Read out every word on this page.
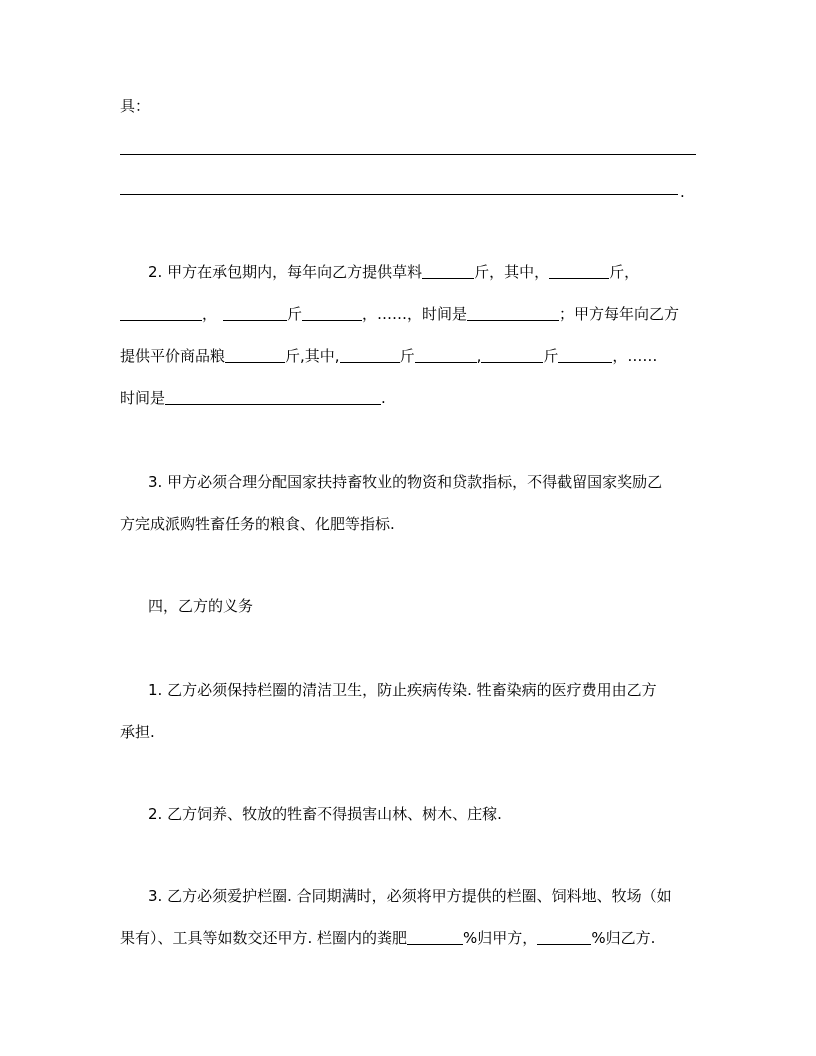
具：
.
2. 甲方在承包期内，每年向乙方提供草料	斤，其中，	斤，
，	斤	，……，时间是	；甲方每年向乙方
提供平价商品粮	斤,其中,	斤	,	斤	，……
时间是	.
3. 甲方必须合理分配国家扶持畜牧业的物资和贷款指标，不得截留国家奖励乙
方完成派购牲畜任务的粮食、化肥等指标.
四，乙方的义务
1. 乙方必须保持栏圈的清洁卫生，防止疾病传染. 牲畜染病的医疗费用由乙方
承担.
2. 乙方饲养、牧放的牲畜不得损害山林、树木、庄稼.
3. 乙方必须爱护栏圈. 合同期满时，必须将甲方提供的栏圈、饲料地、牧场（如
果有）、工具等如数交还甲方. 栏圈内的粪肥	%归甲方，	%归乙方.
